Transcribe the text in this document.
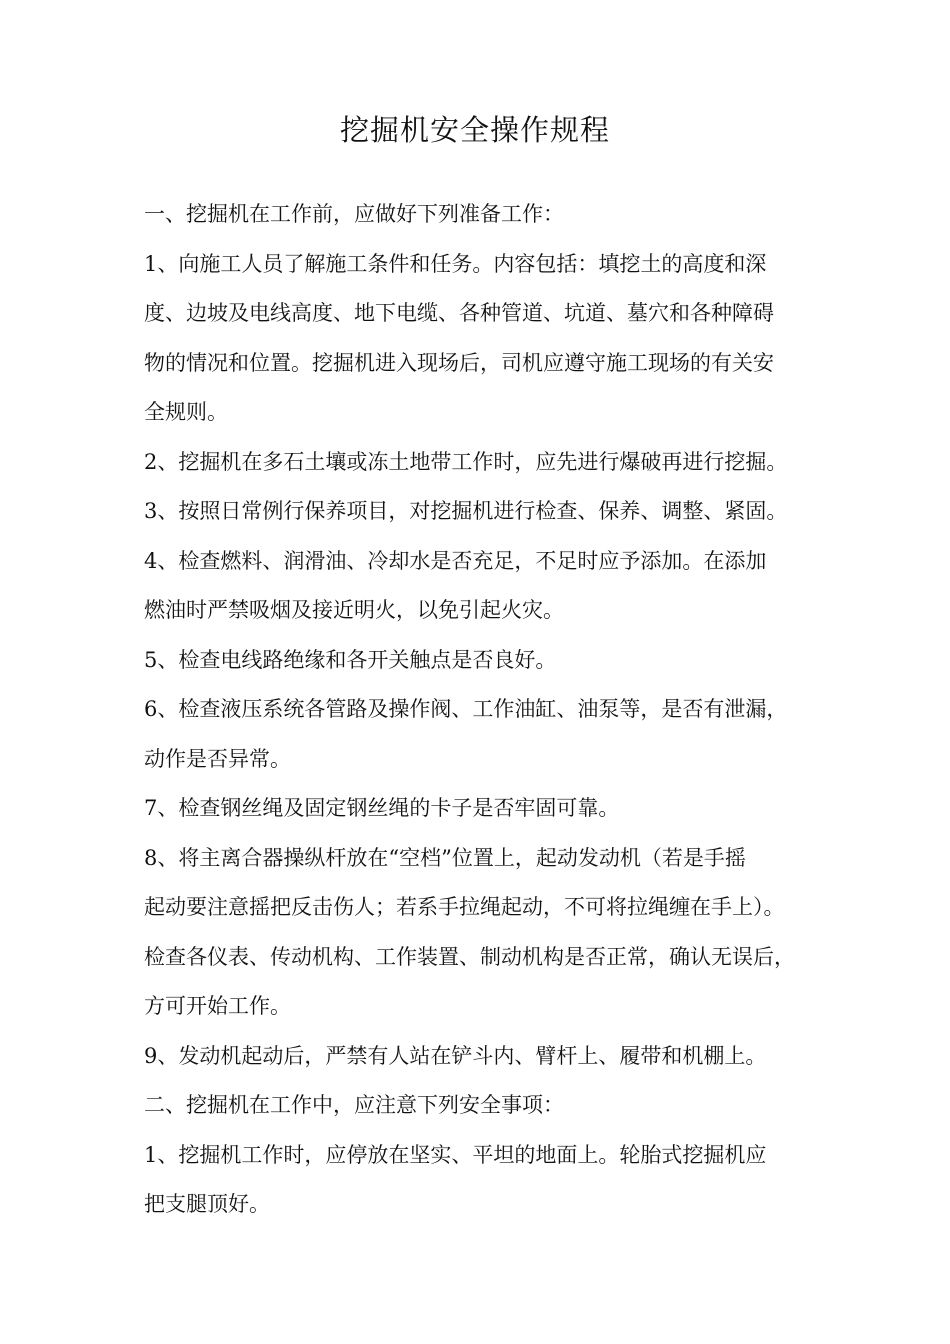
挖掘机安全操作规程
一、挖掘机在工作前，应做好下列准备工作：
1、向施工人员了解施工条件和任务。内容包括：填挖土的高度和深
度、边坡及电线高度、地下电缆、各种管道、坑道、墓穴和各种障碍
物的情况和位置。挖掘机进入现场后，司机应遵守施工现场的有关安
全规则。
2、挖掘机在多石土壤或冻土地带工作时，应先进行爆破再进行挖掘。
3、按照日常例行保养项目，对挖掘机进行检查、保养、调整、紧固。
4、检查燃料、润滑油、冷却水是否充足，不足时应予添加。在添加
燃油时严禁吸烟及接近明火，以免引起火灾。
5、检查电线路绝缘和各开关触点是否良好。
6、检查液压系统各管路及操作阀、工作油缸、油泵等，是否有泄漏，
动作是否异常。
7、检查钢丝绳及固定钢丝绳的卡子是否牢固可靠。
8、将主离合器操纵杆放在“空档”位置上，起动发动机（若是手摇
起动要注意摇把反击伤人；若系手拉绳起动，不可将拉绳缠在手上）。
检查各仪表、传动机构、工作装置、制动机构是否正常，确认无误后，
方可开始工作。
9、发动机起动后，严禁有人站在铲斗内、臂杆上、履带和机棚上。
二、挖掘机在工作中，应注意下列安全事项：
1、挖掘机工作时，应停放在坚实、平坦的地面上。轮胎式挖掘机应
把支腿顶好。
